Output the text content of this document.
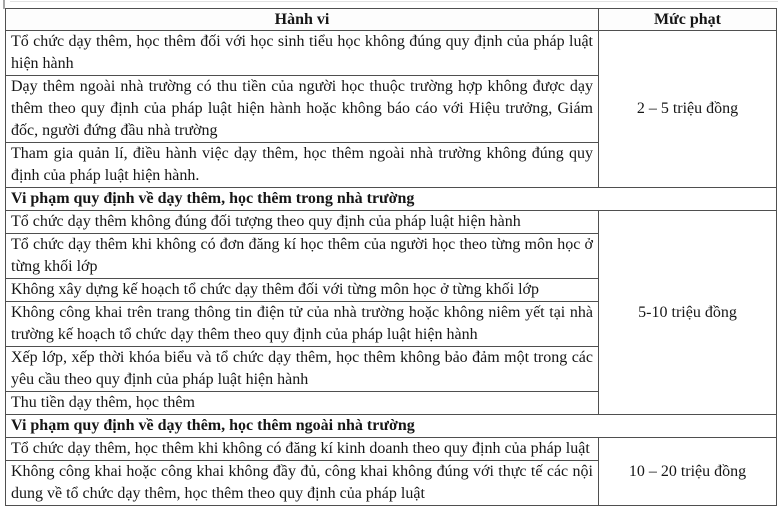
Hành vi	Mức phạt
Tổ chức dạy thêm, học thêm đối với học sinh tiểu học không đúng quy định của pháp luật hiện hành	2 – 5 triệu đồng
Dạy thêm ngoài nhà trường có thu tiền của người học thuộc trường hợp không được dạy thêm theo quy định của pháp luật hiện hành hoặc không báo cáo với Hiệu trưởng, Giám đốc, người đứng đầu nhà trường	
Tham gia quản lí, điều hành việc dạy thêm, học thêm ngoài nhà trường không đúng quy định của pháp luật hiện hành.	
Vi phạm quy định về dạy thêm, học thêm trong nhà trường	
Tổ chức dạy thêm không đúng đối tượng theo quy định của pháp luật hiện hành	5-10 triệu đồng
Tổ chức dạy thêm khi không có đơn đăng kí học thêm của người học theo từng môn học ở từng khối lớp	
Không xây dựng kế hoạch tổ chức dạy thêm đối với từng môn học ở từng khối lớp	
Không công khai trên trang thông tin điện tử của nhà trường hoặc không niêm yết tại nhà trường kế hoạch tổ chức dạy thêm theo quy định của pháp luật hiện hành	
Xếp lớp, xếp thời khóa biểu và tổ chức dạy thêm, học thêm không bảo đảm một trong các yêu cầu theo quy định của pháp luật hiện hành	
Thu tiền dạy thêm, học thêm	
Vi phạm quy định về dạy thêm, học thêm ngoài nhà trường	
Tổ chức dạy thêm, học thêm khi không có đăng kí kinh doanh theo quy định của pháp luật	10 – 20 triệu đồng
Không công khai hoặc công khai không đầy đủ, công khai không đúng với thực tế các nội dung về tổ chức dạy thêm, học thêm theo quy định của pháp luật	
